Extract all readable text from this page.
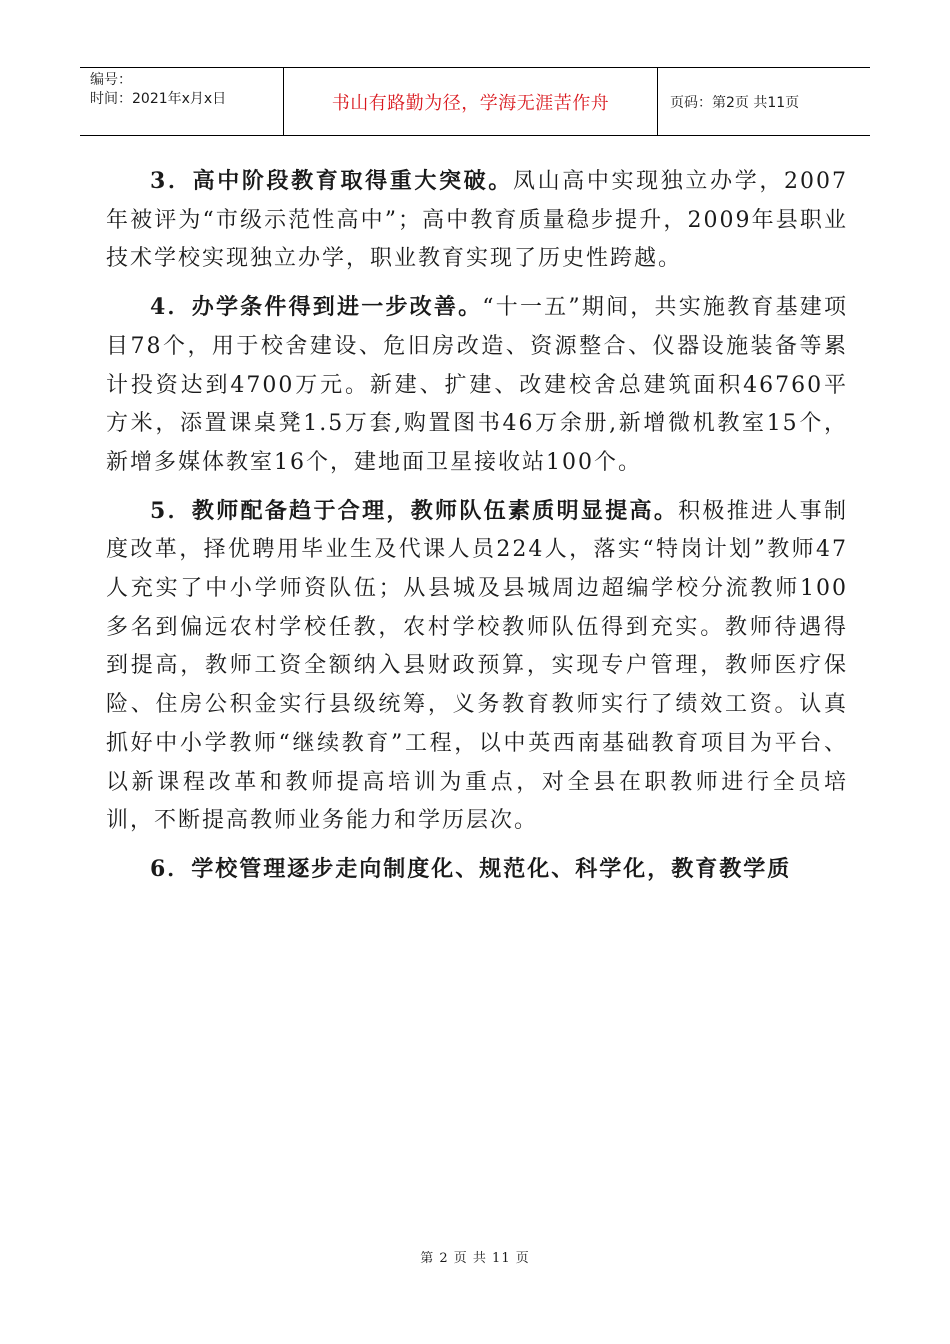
编号：
时间：2021年x月x日	书山有路勤为径，学海无涯苦作舟	页码：第2页 共11页

3．高中阶段教育取得重大突破。凤山高中实现独立办学，2007年被评为“市级示范性高中”；高中教育质量稳步提升，2009年县职业技术学校实现独立办学，职业教育实现了历史性跨越。

4．办学条件得到进一步改善。“十一五”期间，共实施教育基建项目78个，用于校舍建设、危旧房改造、资源整合、仪器设施装备等累计投资达到4700万元。新建、扩建、改建校舍总建筑面积46760平方米，添置课桌凳1.5万套,购置图书46万余册,新增微机教室15个，新增多媒体教室16个，建地面卫星接收站100个。

5．教师配备趋于合理，教师队伍素质明显提高。积极推进人事制度改革，择优聘用毕业生及代课人员224人，落实“特岗计划”教师47人充实了中小学师资队伍；从县城及县城周边超编学校分流教师100多名到偏远农村学校任教，农村学校教师队伍得到充实。教师待遇得到提高，教师工资全额纳入县财政预算，实现专户管理，教师医疗保险、住房公积金实行县级统筹，义务教育教师实行了绩效工资。认真抓好中小学教师“继续教育”工程，以中英西南基础教育项目为平台、以新课程改革和教师提高培训为重点，对全县在职教师进行全员培训，不断提高教师业务能力和学历层次。

6．学校管理逐步走向制度化、规范化、科学化，教育教学质

第 2 页 共 11 页
